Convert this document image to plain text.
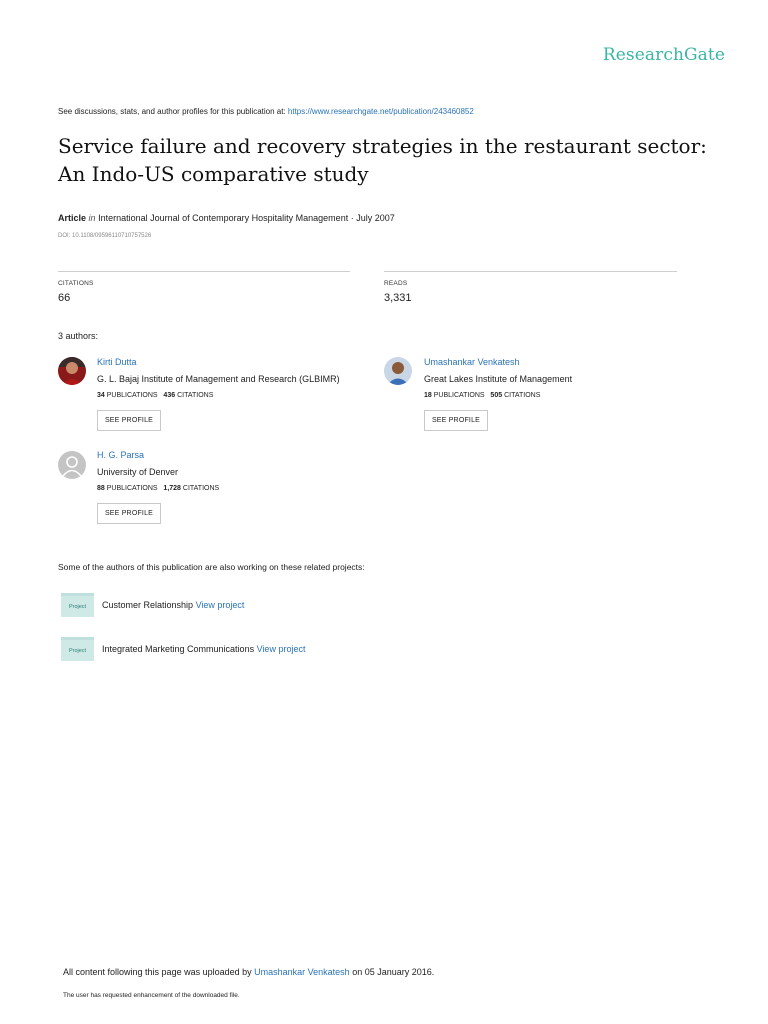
ResearchGate
See discussions, stats, and author profiles for this publication at: https://www.researchgate.net/publication/243460852
Service failure and recovery strategies in the restaurant sector: An Indo-US comparative study
Article in International Journal of Contemporary Hospitality Management · July 2007
DOI: 10.1108/09596110710757526
CITATIONS
66
READS
3,331
3 authors:
Kirti Dutta
G. L. Bajaj Institute of Management and Research (GLBIMR)
34 PUBLICATIONS 436 CITATIONS
SEE PROFILE
Umashankar Venkatesh
Great Lakes Institute of Management
18 PUBLICATIONS 505 CITATIONS
SEE PROFILE
H. G. Parsa
University of Denver
88 PUBLICATIONS 1,728 CITATIONS
SEE PROFILE
Some of the authors of this publication are also working on these related projects:
Project	Customer Relationship View project
Project	Integrated Marketing Communications View project
All content following this page was uploaded by Umashankar Venkatesh on 05 January 2016.
The user has requested enhancement of the downloaded file.
